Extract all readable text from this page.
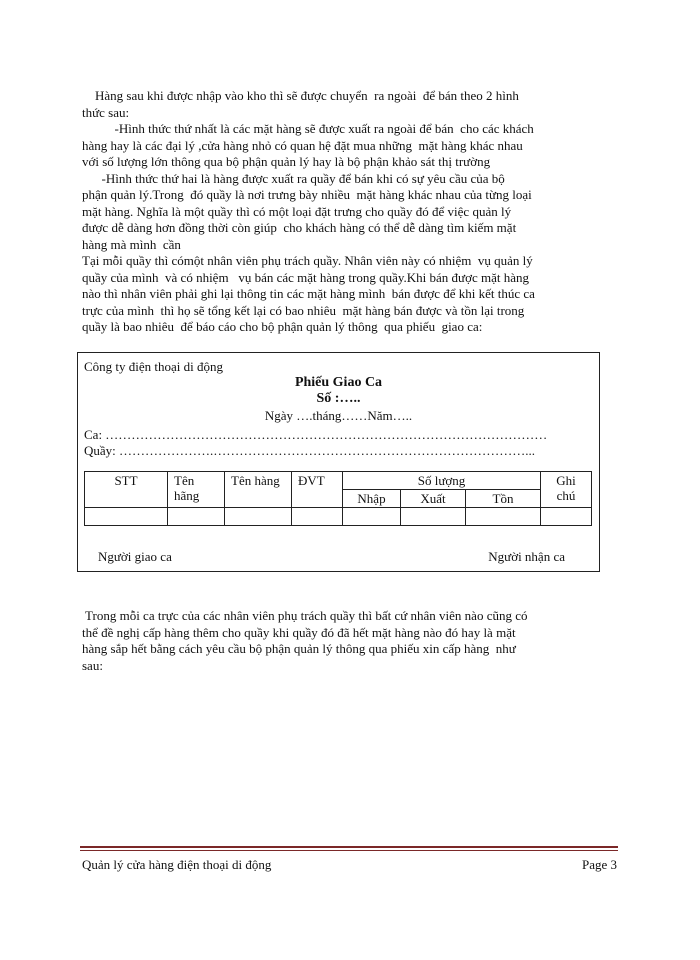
Hàng sau khi được nhập vào kho thì sẽ được chuyển  ra ngoài  để bán theo 2 hình

thức sau:

-Hình thức thứ nhất là các mặt hàng sẽ được xuất ra ngoài để bán  cho các khách

hàng hay là các đại lý ,cửa hàng nhỏ có quan hệ đặt mua những  mặt hàng khác nhau

với số lượng lớn thông qua bộ phận quản lý hay là bộ phận khảo sát thị trường

-Hình thức thứ hai là hàng được xuất ra quầy để bán khi có sự yêu cầu của bộ

phận quản lý.Trong  đó quầy là nơi trưng bày nhiều  mặt hàng khác nhau của từng loại

mặt hàng. Nghĩa là một quầy thì có một loại đặt trưng cho quầy đó để việc quản lý

được dễ dàng hơn đồng thời còn giúp  cho khách hàng có thể dễ dàng tìm kiếm mặt

hàng mà mình  cần

Tại mỗi quầy thì cómột nhân viên phụ trách quầy. Nhân viên này có nhiệm  vụ quản lý

quầy của mình  và có nhiệm   vụ bán các mặt hàng trong quầy.Khi bán được mặt hàng

nào thì nhân viên phải ghi lại thông tin các mặt hàng mình  bán được để khi kết thúc ca

trực của mình  thì họ sẽ tổng kết lại có bao nhiêu  mặt hàng bán được và tồn lại trong

quầy là bao nhiêu  để báo cáo cho bộ phận quản lý thông  qua phiếu  giao ca:

Công ty điện thoại di động
Phiếu Giao Ca
Số :…..
Ngày ….tháng……Năm…..
Ca: …………………………………………………………………………………………
Quầy: ………………….………………………………………………………………...
STT	Tên hãng	Tên hàng	ĐVT	Số lượng			Ghi chú
				Nhập	Xuất	Tồn	

Người giao ca	Người nhận ca

Trong mỗi ca trực của các nhân viên phụ trách quầy thì bất cứ nhân viên nào cũng có

thể đề nghị cấp hàng thêm cho quầy khi quầy đó đã hết mặt hàng nào đó hay là mặt

hàng sắp hết bằng cách yêu cầu bộ phận quản lý thông qua phiếu xin cấp hàng  như

sau:

Quản lý cửa hàng điện thoại di động	Page 3
